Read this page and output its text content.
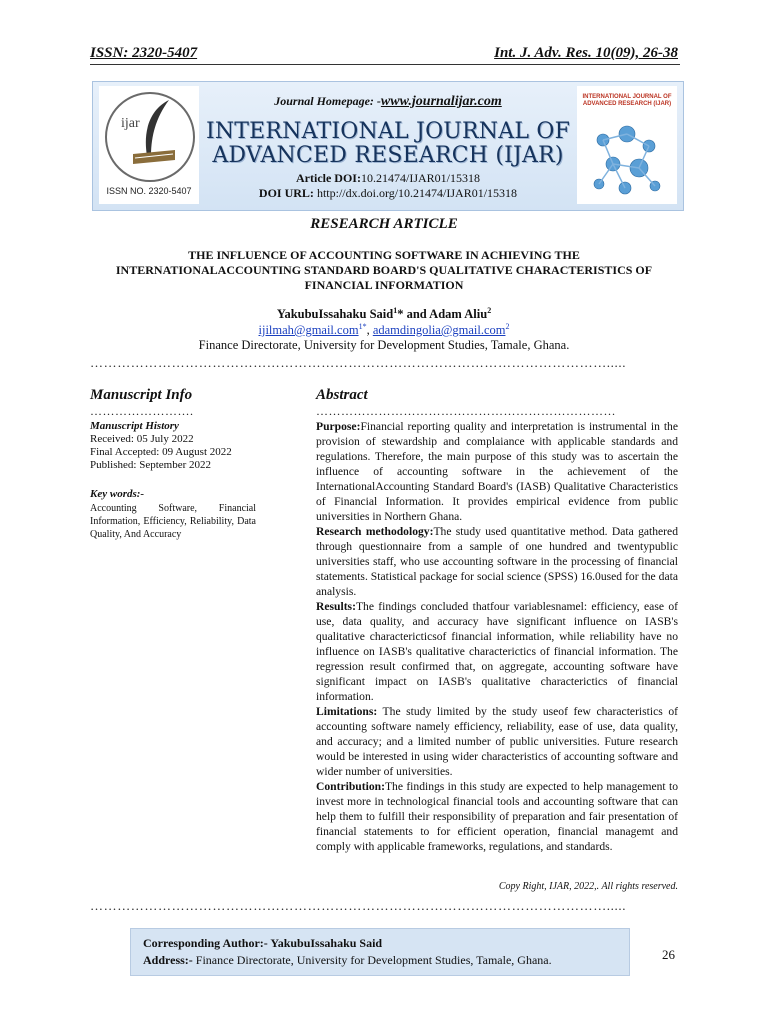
ISSN: 2320-5407	Int. J. Adv. Res. 10(09), 26-38
ijar
ISSN NO. 2320-5407
Journal Homepage: -www.journalijar.com
INTERNATIONAL JOURNAL OF
ADVANCED RESEARCH (IJAR)
Article DOI:10.21474/IJAR01/15318
DOI URL: http://dx.doi.org/10.21474/IJAR01/15318
INTERNATIONAL JOURNAL OF ADVANCED RESEARCH (IJAR)
RESEARCH ARTICLE
THE INFLUENCE OF ACCOUNTING SOFTWARE IN ACHIEVING THE
INTERNATIONALACCOUNTING STANDARD BOARD'S QUALITATIVE CHARACTERISTICS OF
FINANCIAL INFORMATION
YakubuIssahaku Said$^1$* and Adam Aliu$^2$
ijilmah@gmail.com$^{1*}$, adamdingolia@gmail.com$^2$
Finance Directorate, University for Development Studies, Tamale, Ghana.
…………………………………………………………………………………………………….....
Manuscript Info
…………………….
Manuscript History
Received: 05 July 2022
Final Accepted: 09 August 2022
Published: September 2022
Key words:-
Accounting Software, Financial Information, Efficiency, Reliability, Data Quality, And Accuracy
Abstract
………………………………………………………………

Purpose:Financial reporting quality and interpretation is instrumental in the provision of stewardship and complaiance with applicable standards and regulations. Therefore, the main purpose of this study was to ascertain the influence of accounting software in the achievement of the InternationalAccounting Standard Board's (IASB) Qualitative Characteristics of Financial Information. It provides empirical evidence from public universities in Northern Ghana.

Research methodology:The study used quantitative method. Data gathered through questionnaire from a sample of one hundred and twentypublic universities staff, who use accounting software in the processing of financial statements. Statistical package for social science (SPSS) 16.0used for the data analysis.

Results:The findings concluded thatfour variablesnamel: efficiency, ease of use, data quality, and accuracy have significant influence on IASB's qualitative charactericticsof financial information, while reliability have no influence on IASB's qualitative characterictics of financial information. The regression result confirmed that, on aggregate, accounting software have significant impact on IASB's qualitative characterictics of financial information.

Limitations: The study limited by the study useof few characteristics of accounting software namely efficiency, reliability, ease of use, data quality, and accuracy; and a limited number of public universities. Future research would be interested in using wider characteristics of accounting software and wider number of universities.

Contribution:The findings in this study are expected to help management to invest more in technological financial tools and accounting software that can help them to fulfill their responsibility of preparation and fair presentation of financial statements to for efficient operation, financial managemt and comply with applicable frameworks, regulations, and standards.

Copy Right, IJAR, 2022,. All rights reserved.
…………………………………………………………………………………………………….....
Corresponding Author:- YakubuIssahaku Said
Address:- Finance Directorate, University for Development Studies, Tamale, Ghana.	26
